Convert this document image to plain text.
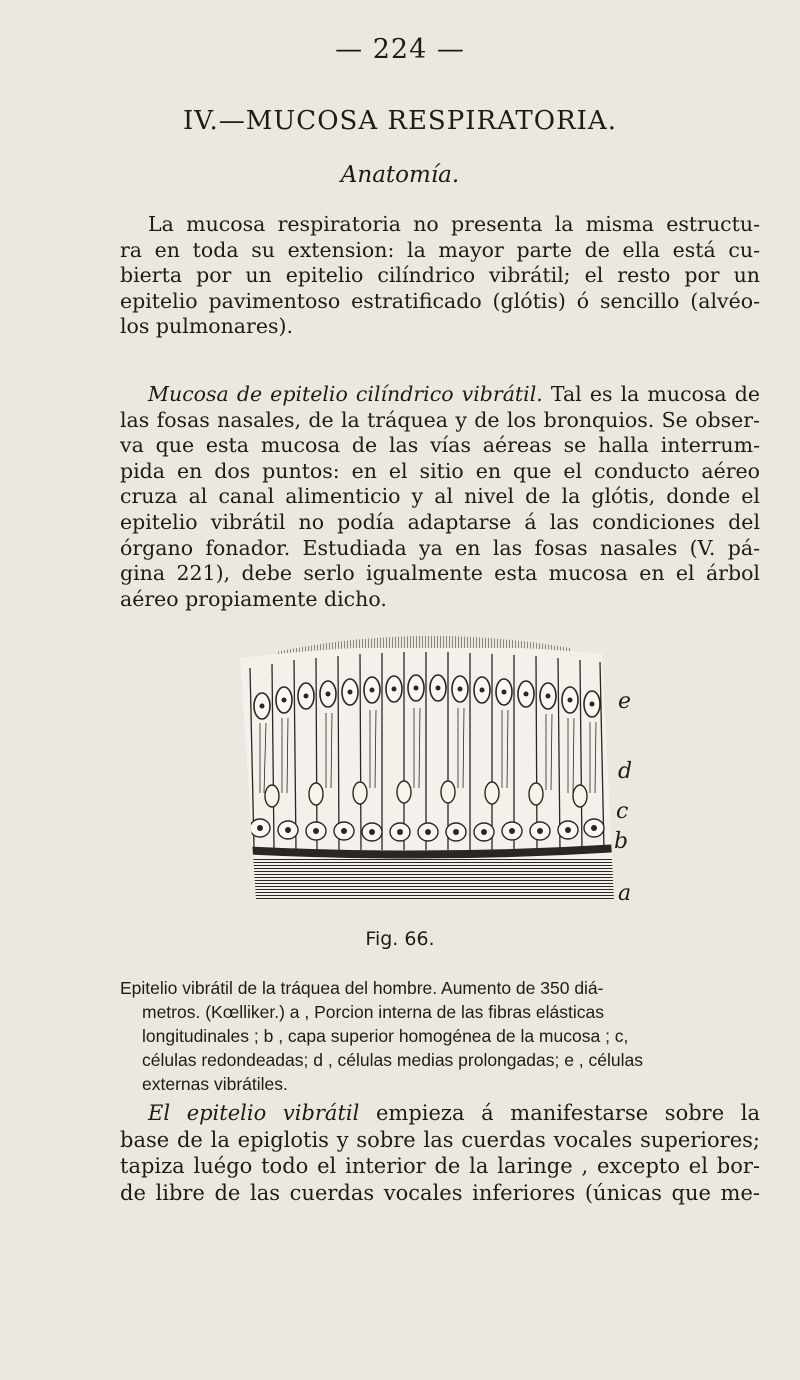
— 224 —
IV.—MUCOSA RESPIRATORIA.
Anatomía.
La mucosa respiratoria no presenta la misma estructu-
ra en toda su extension: la mayor parte de ella está cu-
bierta por un epitelio cilíndrico vibrátil; el resto por un
epitelio pavimentoso estratificado (glótis) ó sencillo (alvéo-
los pulmonares).
Mucosa de epitelio cilíndrico vibrátil. Tal es la mucosa de
las fosas nasales, de la tráquea y de los bronquios. Se obser-
va que esta mucosa de las vías aéreas se halla interrum-
pida en dos puntos: en el sitio en que el conducto aéreo
cruza al canal alimenticio y al nivel de la glótis, donde el
epitelio vibrátil no podía adaptarse á las condiciones del
órgano fonador. Estudiada ya en las fosas nasales (V. pá-
gina 221), debe serlo igualmente esta mucosa en el árbol
aéreo propiamente dicho.
e
d
c
b
a
Fig. 66.
Epitelio vibrátil de la tráquea del hombre. Aumento de 350 diá-
metros. (Kœlliker.) a , Porcion interna de las fibras elásticas
longitudinales ; b , capa superior homogénea de la mucosa ; c,
células redondeadas; d , células medias prolongadas; e , células
externas vibrátiles.
El epitelio vibrátil empieza á manifestarse sobre la
base de la epiglotis y sobre las cuerdas vocales superiores;
tapiza luégo todo el interior de la laringe , excepto el bor-
de libre de las cuerdas vocales inferiores (únicas que me-
